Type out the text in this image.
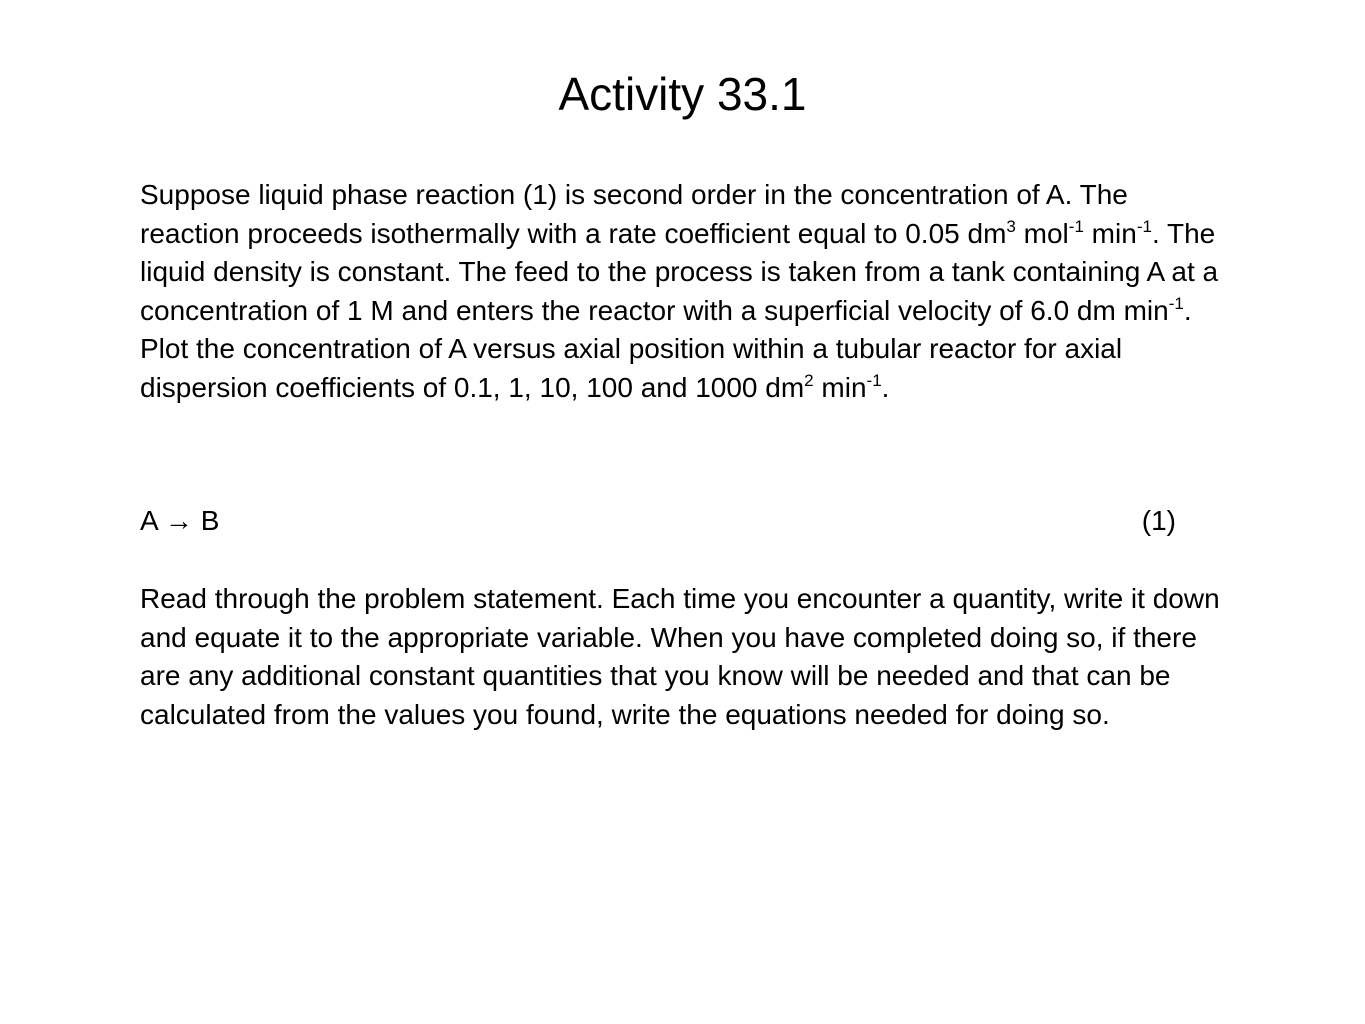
Activity 33.1
Suppose liquid phase reaction (1) is second order in the concentration of A. The reaction proceeds isothermally with a rate coefficient equal to 0.05 $dm^3$ mol$^{-1}$ $\min^{-1}$. The liquid density is constant. The feed to the process is taken from a tank containing A at a concentration of 1 M and enters the reactor with a superficial velocity of 6.0 dm $\min^{-1}$. Plot the concentration of A versus axial position within a tubular reactor for axial dispersion coefficients of 0.1, 1, 10, 100 and 1000 $dm^2$ $\min^{-1}$.
A → B	(1)
Read through the problem statement. Each time you encounter a quantity, write it down and equate it to the appropriate variable. When you have completed doing so, if there are any additional constant quantities that you know will be needed and that can be calculated from the values you found, write the equations needed for doing so.
